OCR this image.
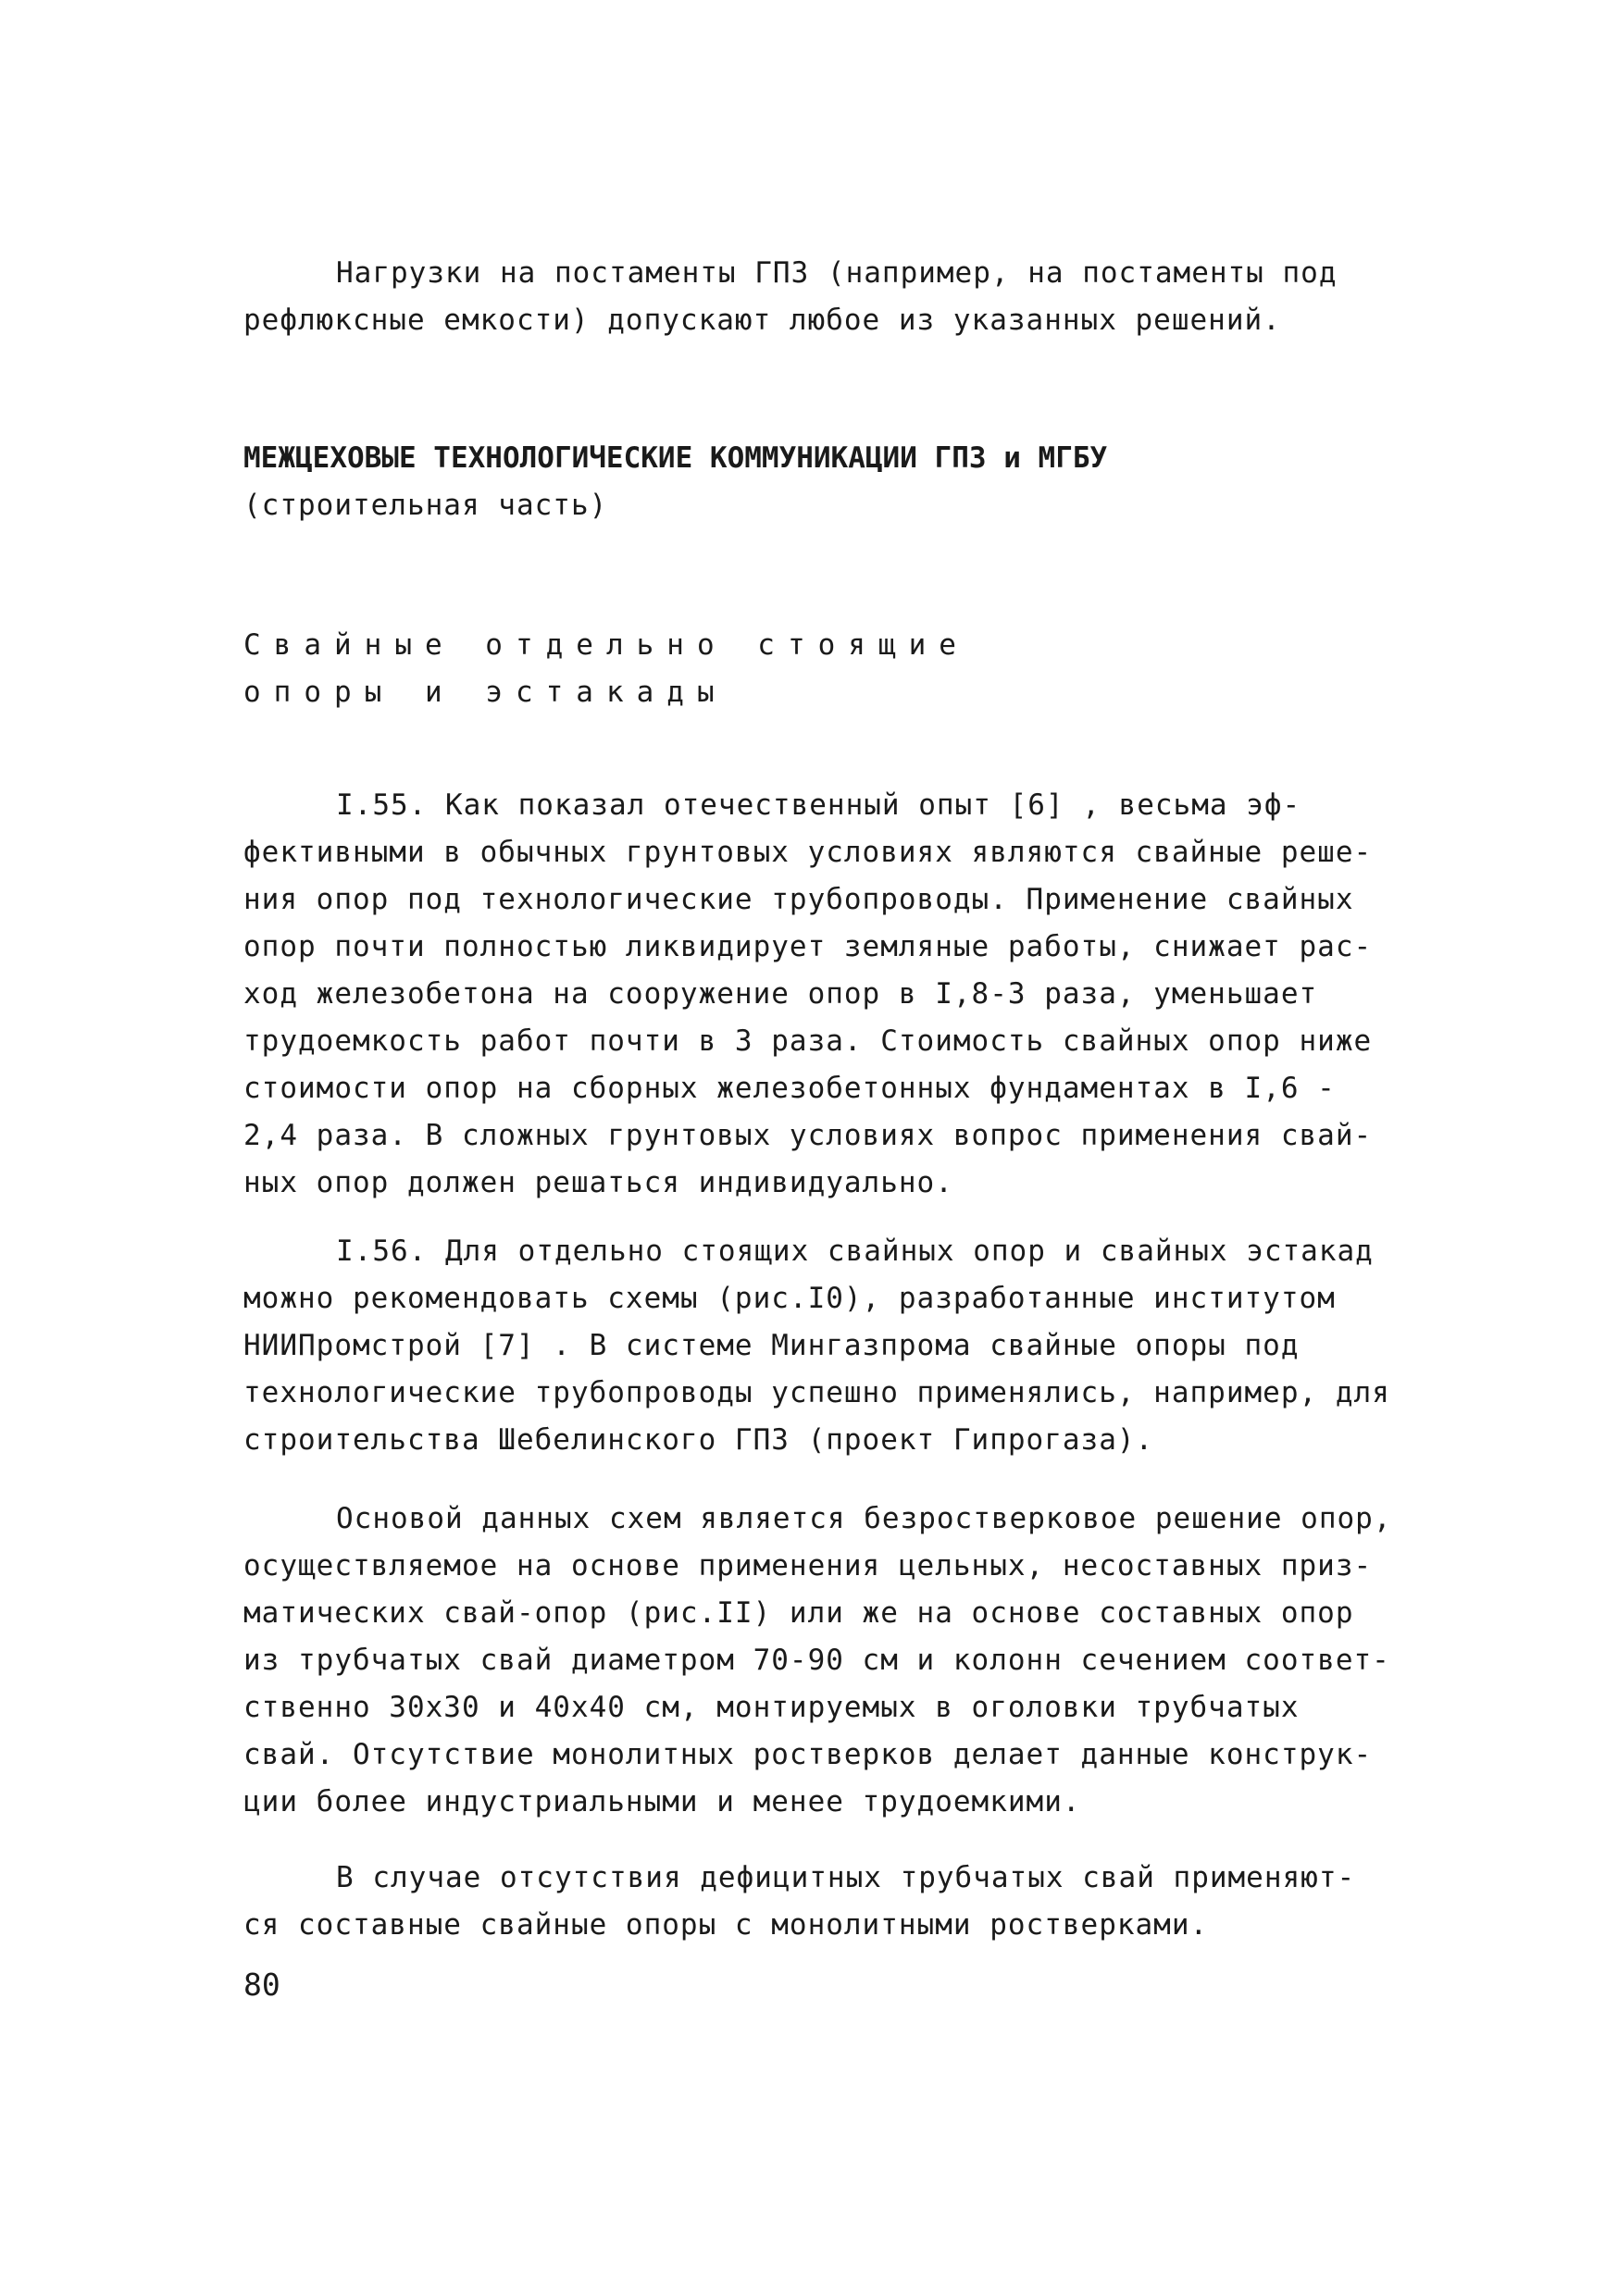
Нагрузки на постаменты ГПЗ (например, на постаменты под
рефлюксные емкости) допускают любое из указанных решений.
МЕЖЦЕХОВЫЕ ТЕХНОЛОГИЧЕСКИЕ КОММУНИКАЦИИ ГПЗ и МГБУ
(строительная часть)
Свайные отдельно стоящие
опоры и эстакады
I.55. Как показал отечественный опыт [6] , весьма эф-
фективными в обычных грунтовых условиях являются свайные реше-
ния опор под технологические трубопроводы. Применение свайных
опор почти полностью ликвидирует земляные работы, снижает рас-
ход железобетона на сооружение опор в I,8-3 раза, уменьшает
трудоемкость работ почти в 3 раза. Стоимость свайных опор ниже
стоимости опор на сборных железобетонных фундаментах в I,6 -
2,4 раза. В сложных грунтовых условиях вопрос применения свай-
ных опор должен решаться индивидуально.
I.56. Для отдельно стоящих свайных опор и свайных эстакад
можно рекомендовать схемы (рис.I0), разработанные институтом
НИИПромстрой [7] . В системе Мингазпрома свайные опоры под
технологические трубопроводы успешно применялись, например, для
строительства Шебелинского ГПЗ (проект Гипрогаза).
Основой данных схем является безростверковое решение опор,
осуществляемое на основе применения цельных, несоставных приз-
матических свай-опор (рис.II) или же на основе составных опор
из трубчатых свай диаметром 70-90 см и колонн сечением соответ-
ственно 30х30 и 40х40 см, монтируемых в оголовки трубчатых
свай. Отсутствие монолитных ростверков делает данные конструк-
ции более индустриальными и менее трудоемкими.
В случае отсутствия дефицитных трубчатых свай применяют-
ся составные свайные опоры с монолитными ростверками.
80
